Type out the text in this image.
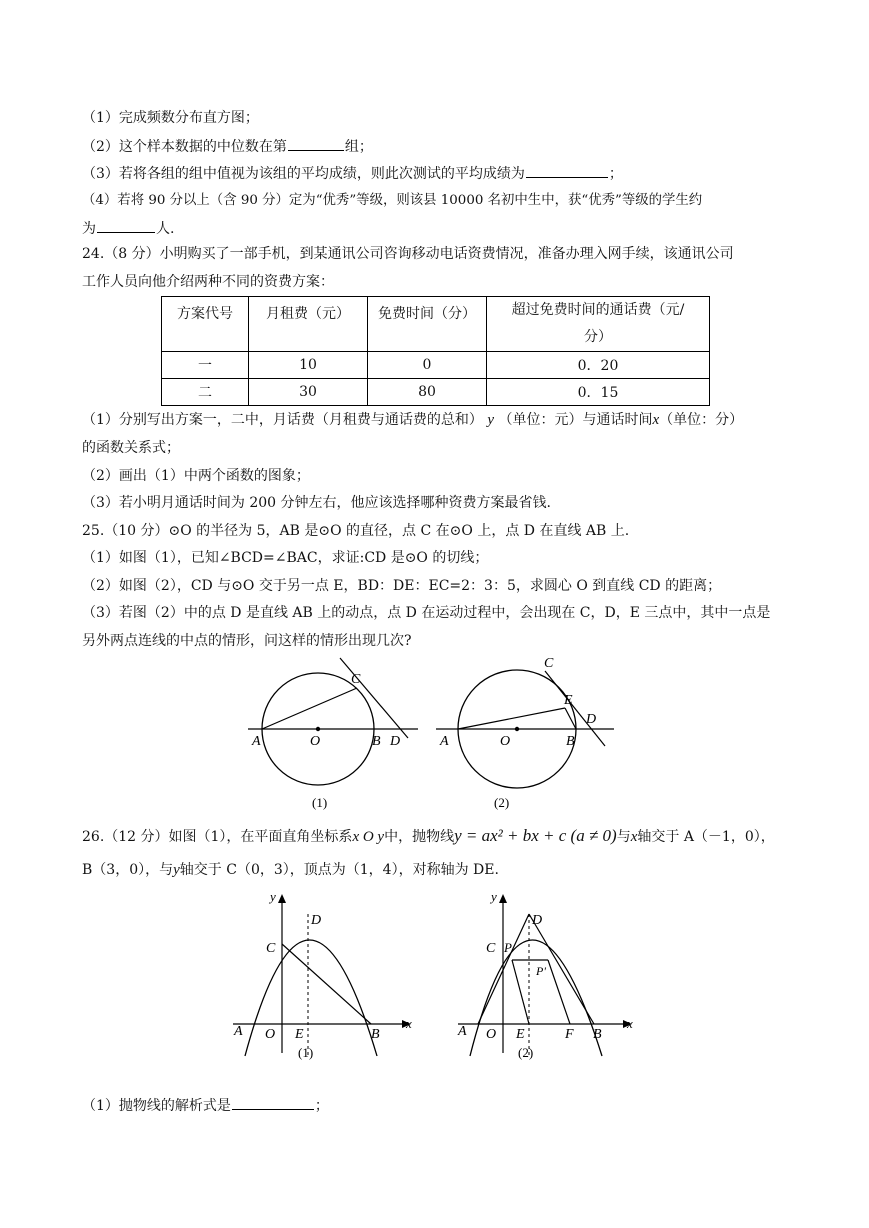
（1）完成频数分布直方图；
（2）这个样本数据的中位数在第	组；
（3）若将各组的组中值视为该组的平均成绩，则此次测试的平均成绩为	；
（4）若将 90 分以上（含 90 分）定为“优秀”等级，则该县 10000 名初中生中，获“优秀”等级的学生约
为	人.
24.（8 分）小明购买了一部手机，到某通讯公司咨询移动电话资费情况，准备办理入网手续，该通讯公司
工作人员向他介绍两种不同的资费方案：
方案代号	月租费（元）	免费时间（分）	超过免费时间的通话费（元/
分）
一	10	0	0．20
二	30	80	0．15
（1）分别写出方案一，二中，月话费（月租费与通话费的总和） y （单位：元）与通话时间x（单位：分）
的函数关系式；
（2）画出（1）中两个函数的图象；
（3）若小明月通话时间为 200 分钟左右，他应该选择哪种资费方案最省钱.
25.（10 分）⊙O 的半径为 5，AB 是⊙O 的直径，点 C 在⊙O 上，点 D 在直线 AB 上.
（1）如图（1），已知∠BCD=∠BAC，求证:CD 是⊙O 的切线；
（2）如图（2），CD 与⊙O 交于另一点 E，BD：DE：EC=2：3：5，求圆心 O 到直线 CD 的距离；
（3）若图（2）中的点 D 是直线 AB 上的动点，点 D 在运动过程中，会出现在 C，D，E 三点中，其中一点是
另外两点连线的中点的情形，问这样的情形出现几次?
A	O	B D
C
(1)
A	O	B
D
E
C
(2)
26.（12 分）如图（1），在平面直角坐标系x O y中，抛物线y = ax² + bx + c (a ≠ 0)与x轴交于 A（－1，0），
B（3，0），与y轴交于 C（0，3），顶点为（1，4），对称轴为 DE.
y
x
D
C
A O E	B
(1)
y
x
D
C P
P'
A O E	F B
(2)
（1）抛物线的解析式是	；
